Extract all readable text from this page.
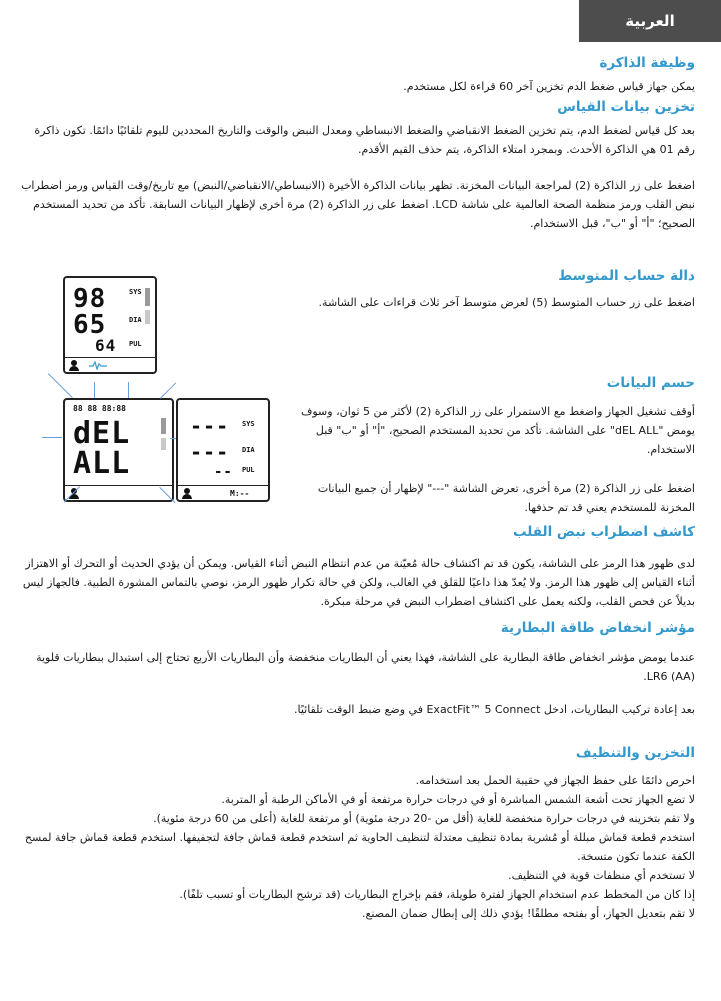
العربية
وظيفة الذاكرة

يمكن جهاز قياس ضغط الدم تخزين آخر 60 قراءة لكل مستخدم.

تخزين بيانات القياس

بعد كل قياس لضغط الدم، يتم تخزين الضغط الانقباضي والضغط الانبساطي ومعدل النبض والوقت والتاريخ المحددين لليوم تلقائيًا دائمًا. تكون ذاكرة رقم 01 هي الذاكرة الأحدث. وبمجرد امتلاء الذاكرة، يتم حذف القيم الأقدم.

اضغط على زر الذاكرة (2) لمراجعة البيانات المخزنة. تظهر بيانات الذاكرة الأخيرة (الانبساطي/الانقباضي/النبض) مع تاريخ/وقت القياس ورمز اضطراب نبض القلب ورمز منظمة الصحة العالمية على شاشة LCD. اضغط على زر الذاكرة (2) مرة أخرى لإظهار البيانات السابقة. تأكد من تحديد المستخدم الصحيح؛ "أ" أو "ب"، قبل الاستخدام.

دالة حساب المتوسط

اضغط على زر حساب المتوسط (5) لعرض متوسط آخر ثلاث قراءات على الشاشة.

98	SYS
65	DIA
64 PUL
حسم البيانات

أوقف تشغيل الجهاز واضغط مع الاستمرار على زر الذاكرة (2) لأكثر من 5 ثوان، وسوف يومض "dEL ALL" على الشاشة. تأكد من تحديد المستخدم الصحيح، "أ" أو "ب" قبل الاستخدام.

اضغط على زر الذاكرة (2) مرة أخرى، تعرض الشاشة "---" لإظهار أن جميع البيانات المخزنة للمستخدم يعني قد تم حذفها.

88 88 88:88
dEL
ALL
--- SYS
--- DIA
-- PUL
M:--
كاشف اضطراب نبض القلب

لدى ظهور هذا الرمز على الشاشة، يكون قد تم اكتشاف حالة مُعيّنة من عدم انتظام النبض أثناء القياس. ويمكن أن يؤدي الحديث أو التحرك أو الاهتزاز أثناء القياس إلى ظهور هذا الرمز. ولا يُعدّ هذا داعيًا للقلق في الغالب، ولكن في حالة تكرار ظهور الرمز، نوصي بالتماس المشورة الطبية. فالجهاز ليس بديلاً عن فحص القلب، ولكنه يعمل على اكتشاف اضطراب النبض في مرحلة مبكرة.

مؤشر انخفاض طاقة البطارية

عندما يومض مؤشر انخفاض طاقة البطارية على الشاشة، فهذا يعني أن البطاريات منخفضة وأن البطاريات الأربع تحتاج إلى استبدال ببطاريات قلوية LR6 (AA).

بعد إعادة تركيب البطاريات، ادخل ExactFit™ 5 Connect في وضع ضبط الوقت تلقائيًا.

التخزين والتنظيف

احرص دائمًا على حفظ الجهاز في حقيبة الحمل بعد استخدامه.

لا تضع الجهاز تحت أشعة الشمس المباشرة أو في درجات حرارة مرتفعة أو في الأماكن الرطبة أو المتربة.

ولا تقم بتخزينه في درجات حرارة منخفضة للغاية (أقل من -20 درجة مئوية) أو مرتفعة للغاية (أعلى من 60 درجة مئوية).

استخدم قطعة قماش مبللة أو مُشربة بمادة تنظيف معتدلة لتنظيف الحاوية ثم استخدم قطعة قماش جافة لتجفيفها. استخدم قطعة قماش جافة لمسح الكفة عندما تكون متسخة.

لا تستخدم أي منظفات قوية في التنظيف.

إذا كان من المخطط عدم استخدام الجهاز لفترة طويلة، فقم بإخراج البطاريات (قد ترشح البطاريات أو تسبب تلفًا).

لا تقم بتعديل الجهاز، أو بفتحه مطلقًا! يؤدي ذلك إلى إبطال ضمان المصنع.
